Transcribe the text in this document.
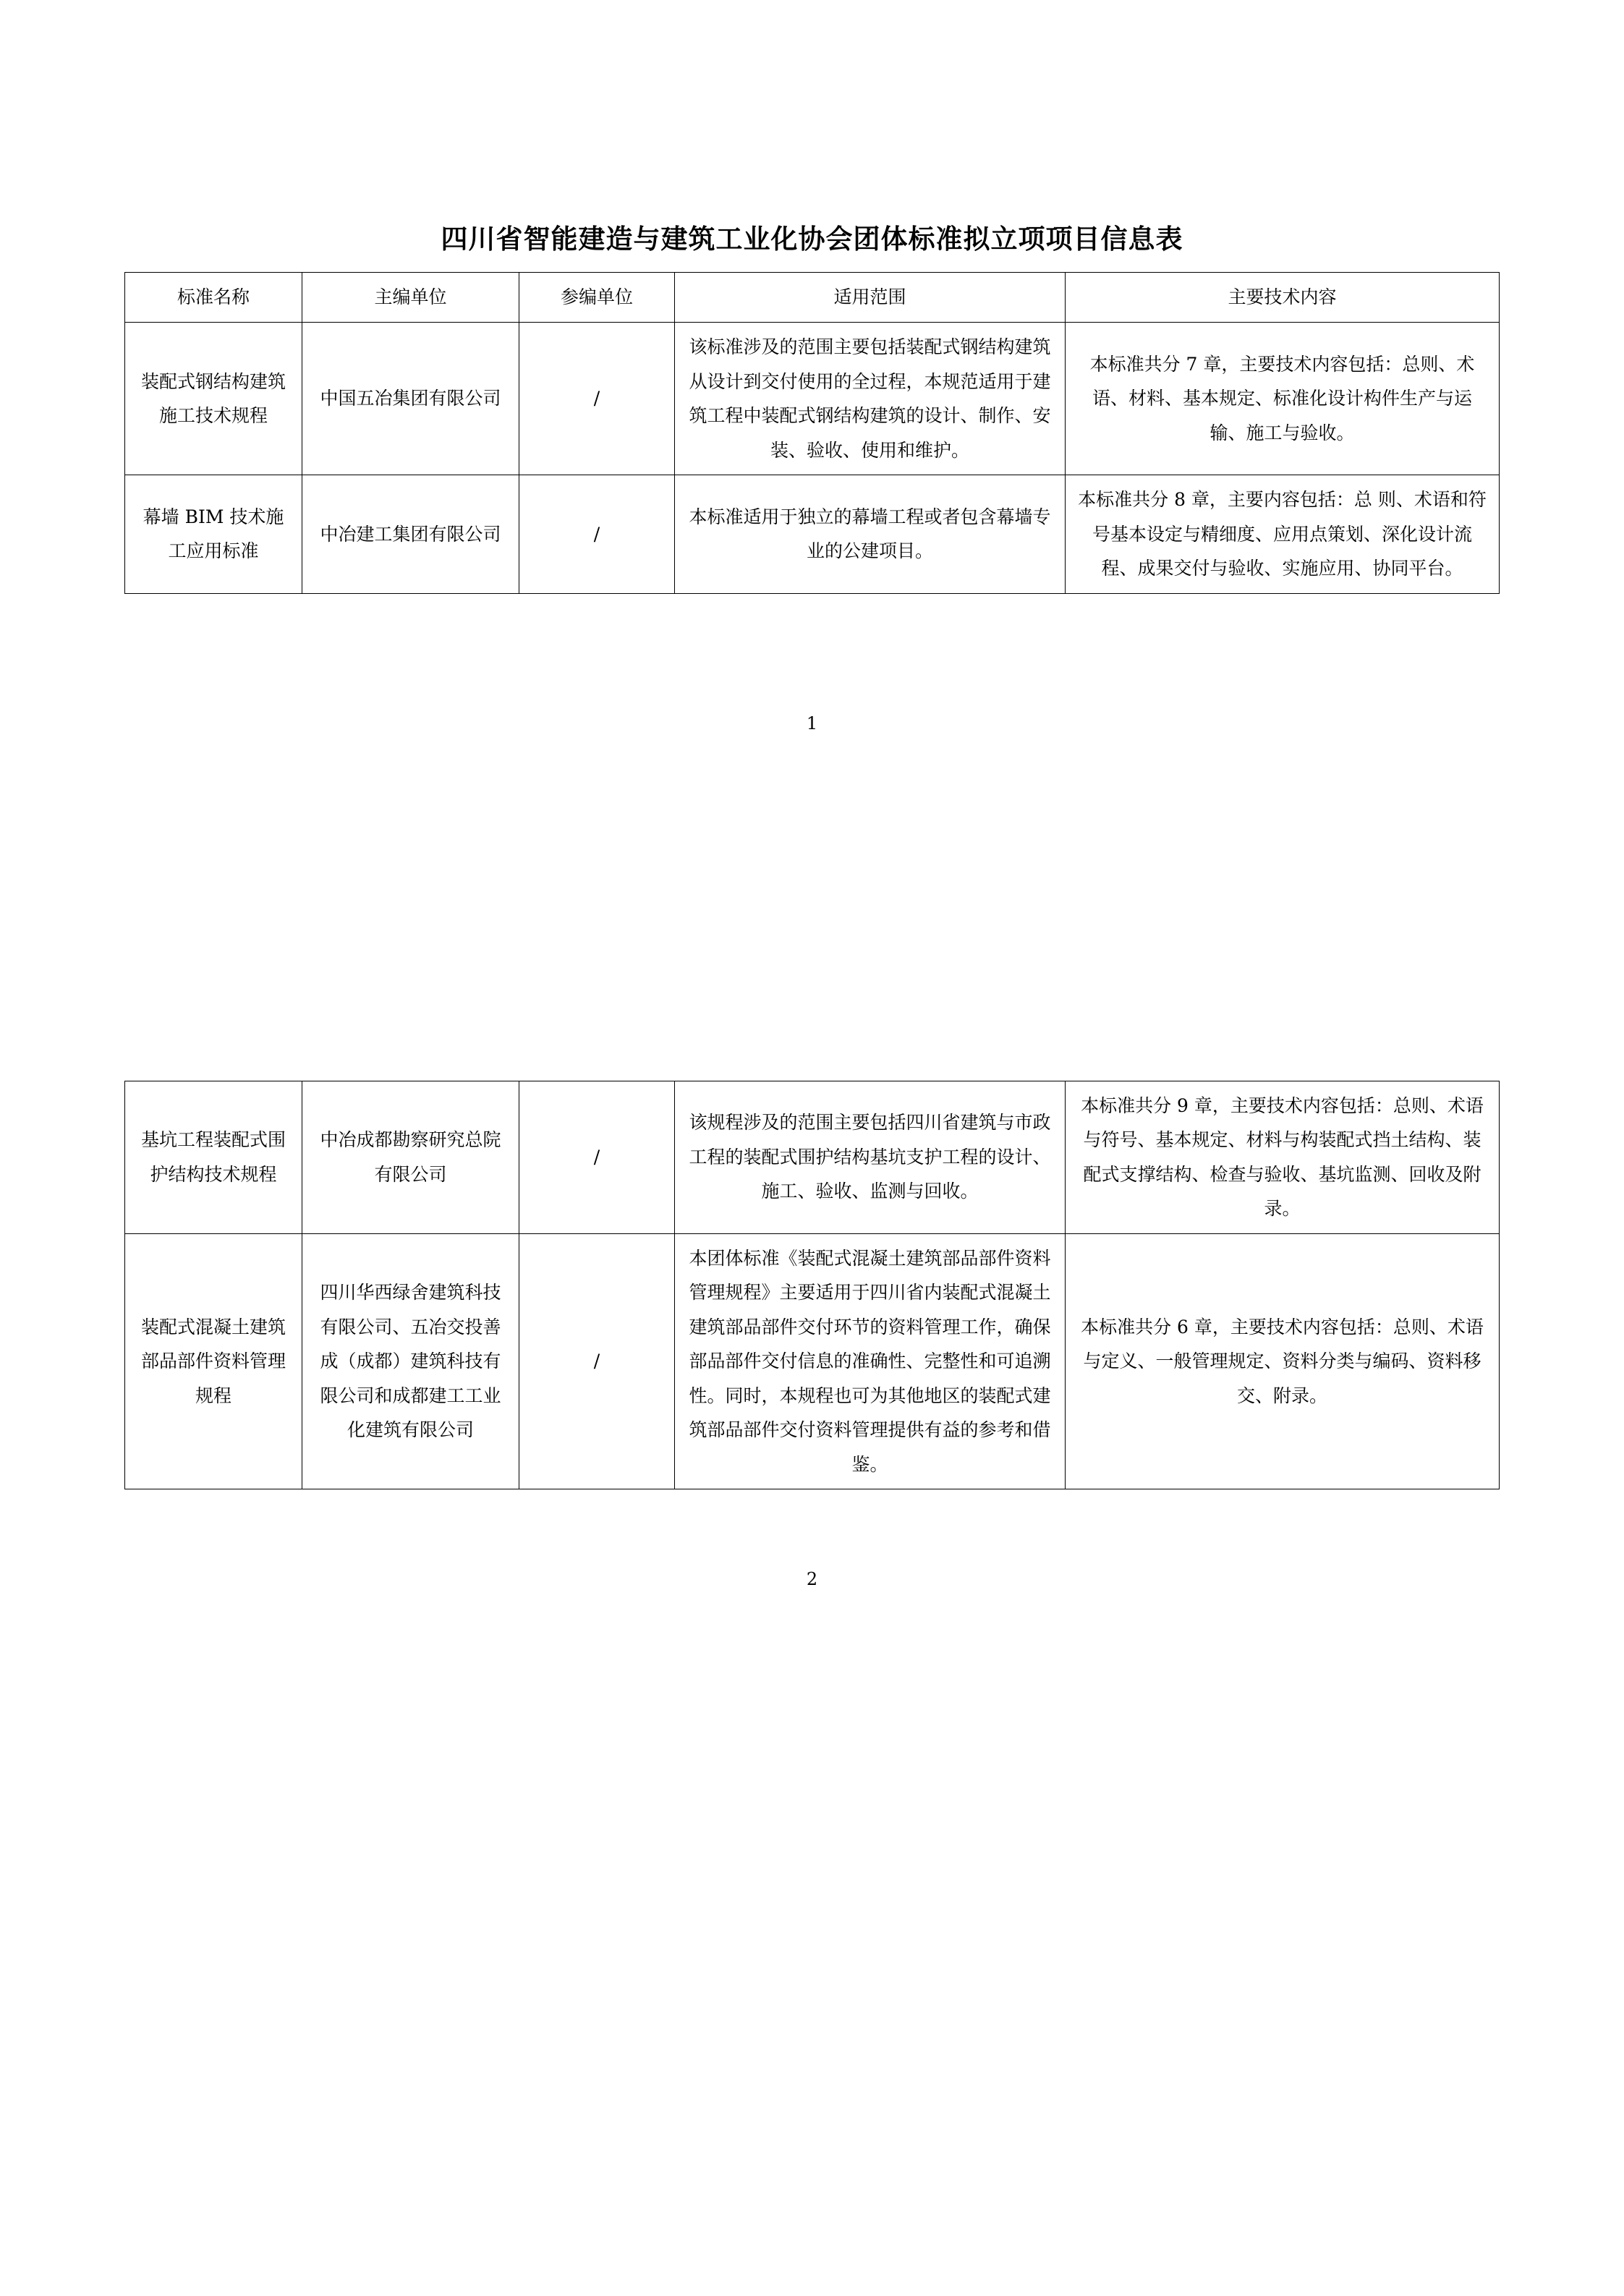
四川省智能建造与建筑工业化协会团体标准拟立项项目信息表
标准名称	主编单位	参编单位	适用范围	主要技术内容
装配式钢结构建筑施工技术规程	中国五冶集团有限公司	/	该标准涉及的范围主要包括装配式钢结构建筑从设计到交付使用的全过程，本规范适用于建筑工程中装配式钢结构建筑的设计、制作、安装、验收、使用和维护。	本标准共分 7 章，主要技术内容包括：总则、术语、材料、基本规定、标准化设计构件生产与运输、施工与验收。
幕墙 BIM 技术施工应用标准	中冶建工集团有限公司	/	本标准适用于独立的幕墙工程或者包含幕墙专业的公建项目。	本标准共分 8 章，主要内容包括：总 则、术语和符号基本设定与精细度、应用点策划、深化设计流程、成果交付与验收、实施应用、协同平台。
1
基坑工程装配式围护结构技术规程	中冶成都勘察研究总院有限公司	/	该规程涉及的范围主要包括四川省建筑与市政工程的装配式围护结构基坑支护工程的设计、施工、验收、监测与回收。	本标准共分 9 章，主要技术内容包括：总则、术语与符号、基本规定、材料与构装配式挡土结构、装配式支撑结构、检查与验收、基坑监测、回收及附录。
装配式混凝土建筑部品部件资料管理规程	四川华西绿舍建筑科技有限公司、五冶交投善成（成都）建筑科技有限公司和成都建工工业化建筑有限公司	/	本团体标准《装配式混凝土建筑部品部件资料管理规程》主要适用于四川省内装配式混凝土建筑部品部件交付环节的资料管理工作，确保部品部件交付信息的准确性、完整性和可追溯性。同时，本规程也可为其他地区的装配式建筑部品部件交付资料管理提供有益的参考和借鉴。	本标准共分 6 章，主要技术内容包括：总则、术语与定义、一般管理规定、资料分类与编码、资料移交、附录。
2
